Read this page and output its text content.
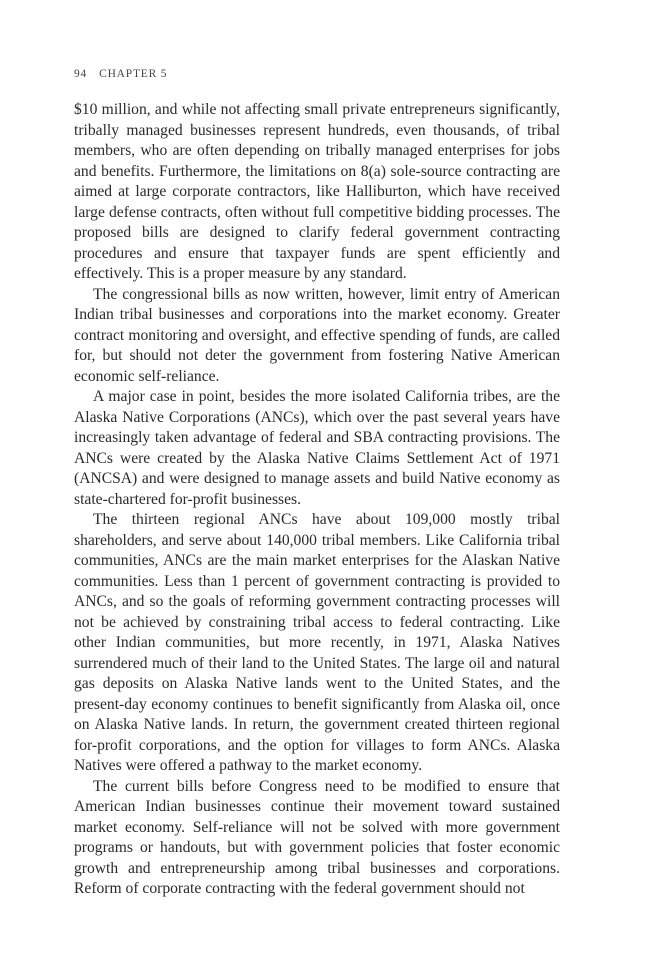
94 CHAPTER 5

$10 million, and while not affecting small private entrepreneurs significantly, tribally managed businesses represent hundreds, even thousands, of tribal members, who are often depending on tribally managed enterprises for jobs and benefits. Furthermore, the limitations on 8(a) sole-source contracting are aimed at large corporate contractors, like Halliburton, which have received large defense contracts, often without full competitive bidding processes. The proposed bills are designed to clarify federal government contracting procedures and ensure that taxpayer funds are spent efficiently and effectively. This is a proper measure by any standard.

The congressional bills as now written, however, limit entry of American Indian tribal businesses and corporations into the market economy. Greater contract monitoring and oversight, and effective spending of funds, are called for, but should not deter the government from fostering Native American economic self-reliance.

A major case in point, besides the more isolated California tribes, are the Alaska Native Corporations (ANCs), which over the past several years have increasingly taken advantage of federal and SBA contracting provisions. The ANCs were created by the Alaska Native Claims Settlement Act of 1971 (ANCSA) and were designed to manage assets and build Native economy as state-chartered for-profit businesses.

The thirteen regional ANCs have about 109,000 mostly tribal shareholders, and serve about 140,000 tribal members. Like California tribal communities, ANCs are the main market enterprises for the Alaskan Native communities. Less than 1 percent of government contracting is provided to ANCs, and so the goals of reforming government contracting processes will not be achieved by constraining tribal access to federal contracting. Like other Indian communities, but more recently, in 1971, Alaska Natives surrendered much of their land to the United States. The large oil and natural gas deposits on Alaska Native lands went to the United States, and the present-day economy continues to benefit significantly from Alaska oil, once on Alaska Native lands. In return, the government created thirteen regional for-profit corporations, and the option for villages to form ANCs. Alaska Natives were offered a pathway to the market economy.

The current bills before Congress need to be modified to ensure that American Indian businesses continue their movement toward sustained market economy. Self-reliance will not be solved with more government programs or handouts, but with government policies that foster economic growth and entrepreneurship among tribal businesses and corporations. Reform of corporate contracting with the federal government should not
